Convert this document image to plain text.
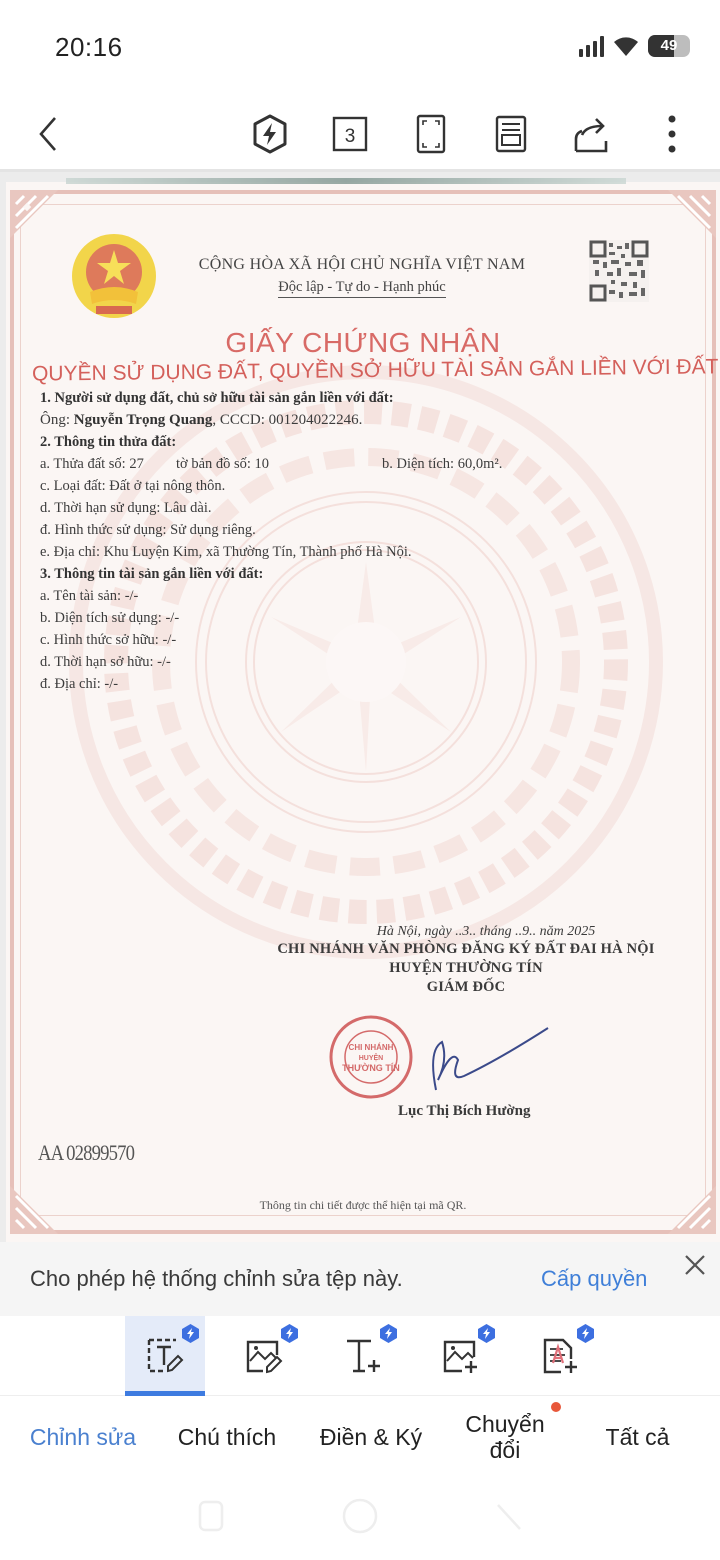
20:16	49
3
CỘNG HÒA XÃ HỘI CHỦ NGHĨA VIỆT NAM
Độc lập - Tự do - Hạnh phúc
GIẤY CHỨNG NHẬN
QUYỀN SỬ DỤNG ĐẤT, QUYỀN SỞ HỮU TÀI SẢN GẮN LIỀN VỚI ĐẤT
1. Người sử dụng đất, chủ sở hữu tài sản gắn liền với đất:
Ông: Nguyễn Trọng Quang, CCCD: 001204022246.
2. Thông tin thửa đất:
a. Thửa đất số: 27 tờ bản đồ số: 10	b. Diện tích: 60,0m².
c. Loại đất: Đất ở tại nông thôn.
d. Thời hạn sử dụng: Lâu dài.
đ. Hình thức sử dụng: Sử dụng riêng.
e. Địa chỉ: Khu Luyện Kim, xã Thường Tín, Thành phố Hà Nội.
3. Thông tin tài sản gắn liền với đất:
a. Tên tài sản: -/-
b. Diện tích sử dụng: -/-
c. Hình thức sở hữu: -/-
d. Thời hạn sở hữu: -/-
đ. Địa chỉ: -/-
Hà Nội, ngày ..3.. tháng ..9.. năm 2025
CHI NHÁNH VĂN PHÒNG ĐĂNG KÝ ĐẤT ĐAI HÀ NỘI
HUYỆN THƯỜNG TÍN
GIÁM ĐỐC
CHI NHÁNH
HUYỆN
THƯỜNG TÍN
Lục Thị Bích Hường
AA 02899570
Thông tin chi tiết được thể hiện tại mã QR.
Cho phép hệ thống chỉnh sửa tệp này.	Cấp quyền
Chỉnh sửa	Chú thích	Điền & Ký	Chuyển
đổi	Tất cả
